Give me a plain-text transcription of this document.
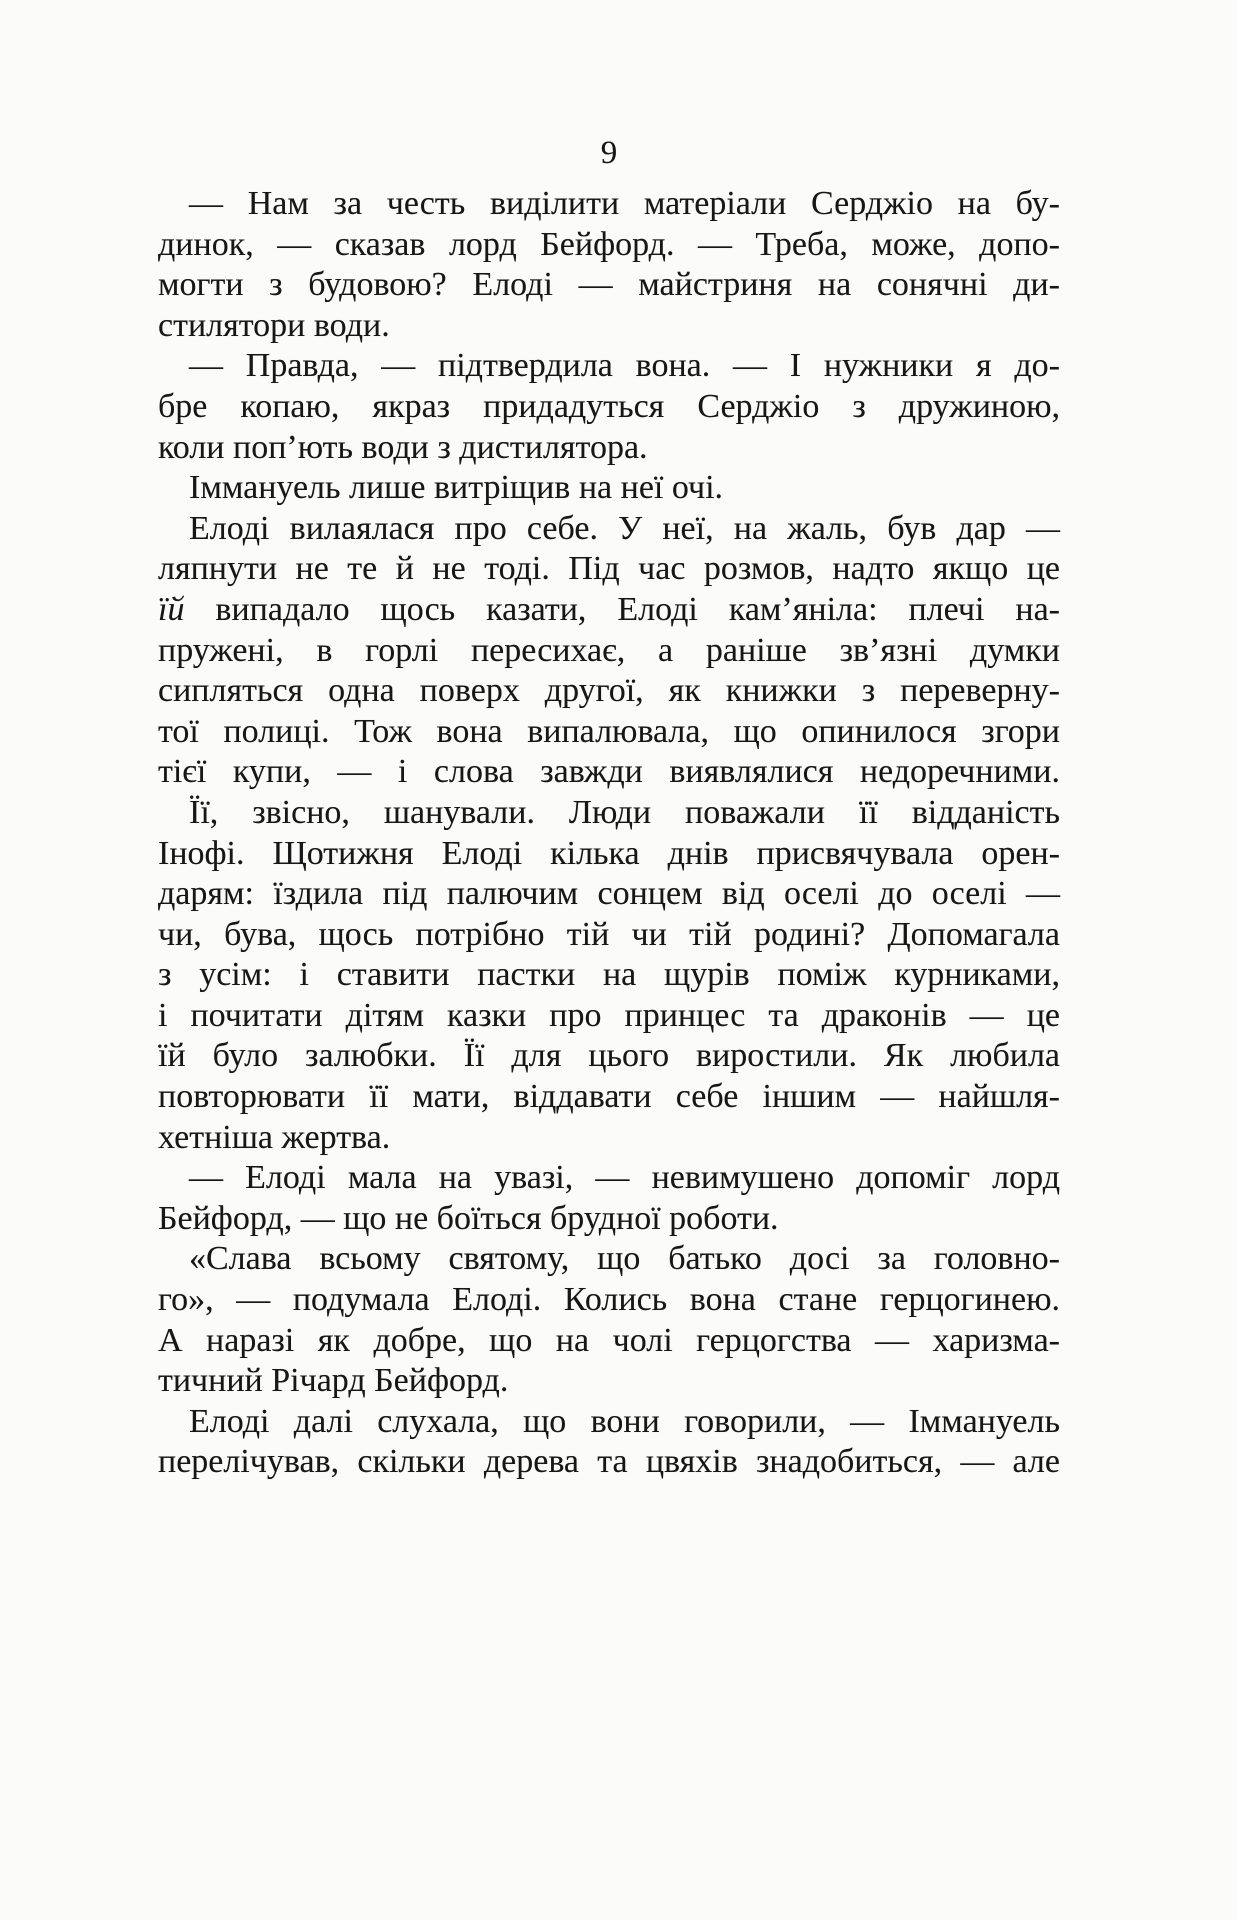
9
— Нам за честь виділити матеріали Серджіо на бу-
динок, — сказав лорд Бейфорд. — Треба, може, допо-
могти з будовою? Елоді — майстриня на сонячні ди-
стилятори води.
— Правда, — підтвердила вона. — І нужники я до-
бре копаю, якраз придадуться Серджіо з дружиною,
коли поп’ють води з дистилятора.
Іммануель лише витріщив на неї очі.
Елоді вилаялася про себе. У неї, на жаль, був дар —
ляпнути не те й не тоді. Під час розмов, надто якщо це
їй випадало щось казати, Елоді кам’яніла: плечі на-
пружені, в горлі пересихає, а раніше зв’язні думки
сипляться одна поверх другої, як книжки з переверну-
тої полиці. Тож вона випалювала, що опинилося згори
тієї купи, — і слова завжди виявлялися недоречними.
Її, звісно, шанували. Люди поважали її відданість
Інофі. Щотижня Елоді кілька днів присвячувала орен-
дарям: їздила під палючим сонцем від оселі до оселі —
чи, бува, щось потрібно тій чи тій родині? Допомагала
з усім: і ставити пастки на щурів поміж курниками,
і почитати дітям казки про принцес та драконів — це
їй було залюбки. Її для цього виростили. Як любила
повторювати її мати, віддавати себе іншим — найшля-
хетніша жертва.
— Елоді мала на увазі, — невимушено допоміг лорд
Бейфорд, — що не боїться брудної роботи.
«Слава всьому святому, що батько досі за головно-
го», — подумала Елоді. Колись вона стане герцогинею.
А наразі як добре, що на чолі герцогства — харизма-
тичний Річард Бейфорд.
Елоді далі слухала, що вони говорили, — Іммануель
перелічував, скільки дерева та цвяхів знадобиться, — але
